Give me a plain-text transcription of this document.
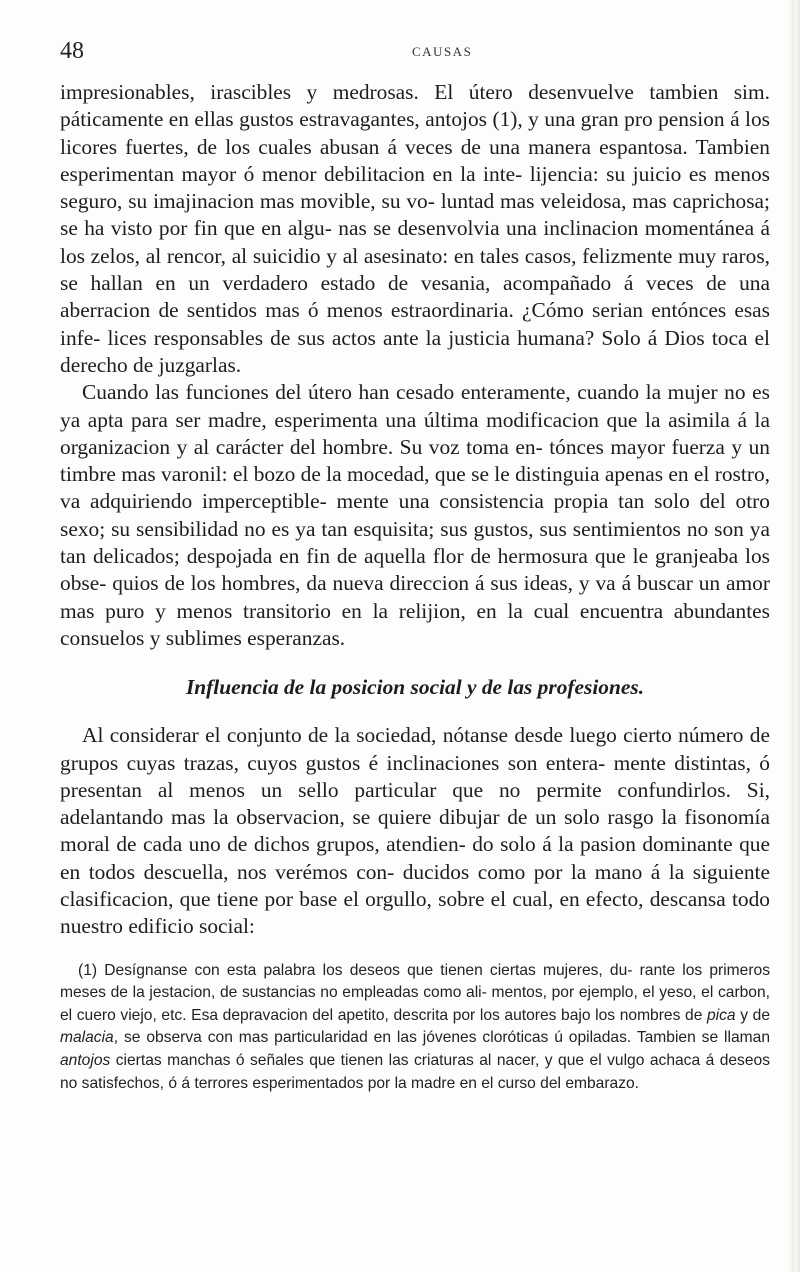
48	CAUSAS

impresionables, irascibles y medrosas. El útero desenvuelve tambien sim. páticamente en ellas gustos estravagantes, antojos (1), y una gran pro pension á los licores fuertes, de los cuales abusan á veces de una manera espantosa. Tambien esperimentan mayor ó menor debilitacion en la inte- lijencia: su juicio es menos seguro, su imajinacion mas movible, su vo- luntad mas veleidosa, mas caprichosa; se ha visto por fin que en algu- nas se desenvolvia una inclinacion momentánea á los zelos, al rencor, al suicidio y al asesinato: en tales casos, felizmente muy raros, se hallan en un verdadero estado de vesania, acompañado á veces de una aberracion de sentidos mas ó menos estraordinaria. ¿Cómo serian entónces esas infe- lices responsables de sus actos ante la justicia humana? Solo á Dios toca el derecho de juzgarlas.

Cuando las funciones del útero han cesado enteramente, cuando la mujer no es ya apta para ser madre, esperimenta una última modificacion que la asimila á la organizacion y al carácter del hombre. Su voz toma en- tónces mayor fuerza y un timbre mas varonil: el bozo de la mocedad, que se le distinguia apenas en el rostro, va adquiriendo imperceptible- mente una consistencia propia tan solo del otro sexo; su sensibilidad no es ya tan esquisita; sus gustos, sus sentimientos no son ya tan delicados; despojada en fin de aquella flor de hermosura que le granjeaba los obse- quios de los hombres, da nueva direccion á sus ideas, y va á buscar un amor mas puro y menos transitorio en la relijion, en la cual encuentra abundantes consuelos y sublimes esperanzas.

Influencia de la posicion social y de las profesiones.

Al considerar el conjunto de la sociedad, nótanse desde luego cierto número de grupos cuyas trazas, cuyos gustos é inclinaciones son entera- mente distintas, ó presentan al menos un sello particular que no permite confundirlos. Si, adelantando mas la observacion, se quiere dibujar de un solo rasgo la fisonomía moral de cada uno de dichos grupos, atendien- do solo á la pasion dominante que en todos descuella, nos verémos con- ducidos como por la mano á la siguiente clasificacion, que tiene por base el orgullo, sobre el cual, en efecto, descansa todo nuestro edificio social:

(1) Desígnanse con esta palabra los deseos que tienen ciertas mujeres, du- rante los primeros meses de la jestacion, de sustancias no empleadas como ali- mentos, por ejemplo, el yeso, el carbon, el cuero viejo, etc. Esa depravacion del apetito, descrita por los autores bajo los nombres de pica y de malacia, se observa con mas particularidad en las jóvenes cloróticas ú opiladas. Tambien se llaman antojos ciertas manchas ó señales que tienen las criaturas al nacer, y que el vulgo achaca á deseos no satisfechos, ó á terrores esperimentados por la madre en el curso del embarazo.
